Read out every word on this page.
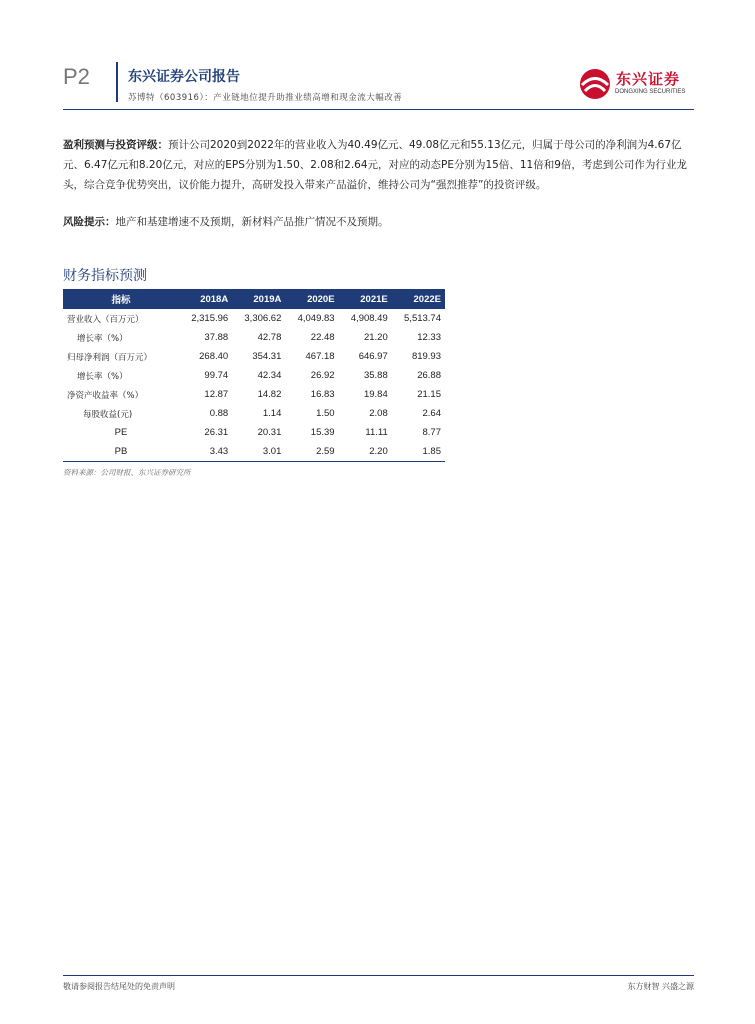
P2	东兴证券公司报告
苏博特（603916）：产业链地位提升助推业绩高增和现金流大幅改善
东兴证券
DONGXING SECURITIES
盈利预测与投资评级：预计公司2020到2022年的营业收入为40.49亿元、49.08亿元和55.13亿元，归属于母公司的净利润为4.67亿元、6.47亿元和8.20亿元，对应的EPS分别为1.50、2.08和2.64元，对应的动态PE分别为15倍、11倍和9倍，考虑到公司作为行业龙头，综合竞争优势突出，议价能力提升，高研发投入带来产品溢价，维持公司为“强烈推荐”的投资评级。
风险提示：地产和基建增速不及预期，新材料产品推广情况不及预期。
财务指标预测
指标	2018A	2019A	2020E	2021E	2022E
营业收入（百万元）	2,315.96	3,306.62	4,049.83	4,908.49	5,513.74
增长率（%）	37.88	42.78	22.48	21.20	12.33
归母净利润（百万元）	268.40	354.31	467.18	646.97	819.93
增长率（%）	99.74	42.34	26.92	35.88	26.88
净资产收益率（%）	12.87	14.82	16.83	19.84	21.15
每股收益(元)	0.88	1.14	1.50	2.08	2.64
PE	26.31	20.31	15.39	11.11	8.77
PB	3.43	3.01	2.59	2.20	1.85
资料来源：公司财报、东兴证券研究所
敬请参阅报告结尾处的免责声明	东方财智 兴盛之源
